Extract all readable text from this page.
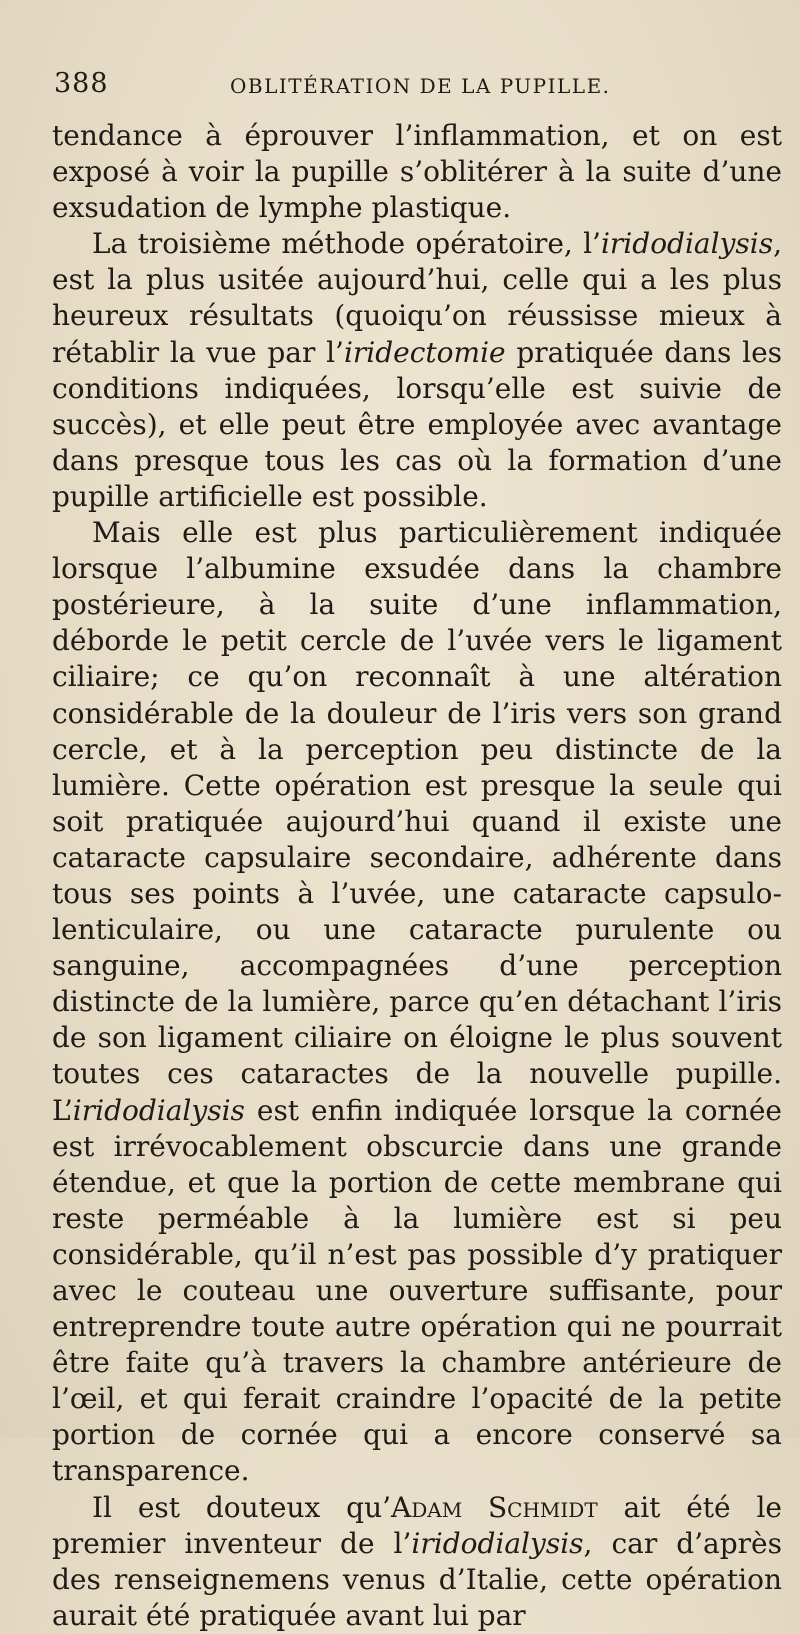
388	OBLITÉRATION DE LA PUPILLE.

tendance à éprouver l’inflammation, et on est exposé à voir la pupille s’oblitérer à la suite d’une exsudation de lymphe plastique.

La troisième méthode opératoire, l’iridodialysis, est la plus usitée aujourd’hui, celle qui a les plus heureux résultats (quoiqu’on réussisse mieux à rétablir la vue par l’iridectomie pratiquée dans les conditions indiquées, lorsqu’elle est suivie de succès), et elle peut être employée avec avantage dans presque tous les cas où la formation d’une pupille artificielle est possible.

Mais elle est plus particulièrement indiquée lorsque l’albumine exsudée dans la chambre postérieure, à la suite d’une inflammation, déborde le petit cercle de l’uvée vers le ligament ciliaire; ce qu’on reconnaît à une altération considérable de la douleur de l’iris vers son grand cercle, et à la perception peu distincte de la lumière. Cette opération est presque la seule qui soit pratiquée aujourd’hui quand il existe une cataracte capsulaire secondaire, adhérente dans tous ses points à l’uvée, une cataracte capsulo-lenticulaire, ou une cataracte purulente ou sanguine, accompagnées d’une perception distincte de la lumière, parce qu’en détachant l’iris de son ligament ciliaire on éloigne le plus souvent toutes ces cataractes de la nouvelle pupille. L’iridodialysis est enfin indiquée lorsque la cornée est irrévocablement obscurcie dans une grande étendue, et que la portion de cette membrane qui reste perméable à la lumière est si peu considérable, qu’il n’est pas possible d’y pratiquer avec le couteau une ouverture suffisante, pour entreprendre toute autre opération qui ne pourrait être faite qu’à travers la chambre antérieure de l’œil, et qui ferait craindre l’opacité de la petite portion de cornée qui a encore conservé sa transparence.

Il est douteux qu’Adam Schmidt ait été le premier inventeur de l’iridodialysis, car d’après des renseignemens venus d’Italie, cette opération aurait été pratiquée avant lui par
